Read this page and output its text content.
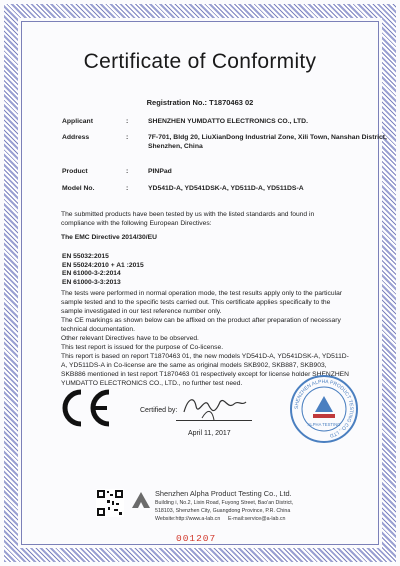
Certificate of Conformity
Registration No.: T1870463 02
Applicant	:	SHENZHEN YUMDATTO ELECTRONICS CO., LTD.
Address	:	7F-701, Bldg 20, LiuXianDong Industrial Zone, Xili Town, Nanshan District, Shenzhen, China
Product	:	PINPad
Model No.	:	YD541D-A, YD541DSK-A, YD511D-A, YD511DS-A
The submitted products have been tested by us with the listed standards and found in compliance with the following European Directives:
The EMC Directive 2014/30/EU
EN 55032:2015
EN 55024:2010 + A1 :2015
EN 61000-3-2:2014
EN 61000-3-3:2013
The tests were performed in normal operation mode, the test results apply only to the particular sample tested and to the specific tests carried out. This certificate applies specifically to the sample investigated in our test reference number only.
The CE markings as shown below can be affixed on the product after preparation of necessary technical documentation.
Other relevant Directives have to be observed.
This test report is issued for the purpose of Co-license.
This report is based on report T1870463 01, the new models YD541D-A, YD541DSK-A, YD511D-A, YD511DS-A in Co-license are the same as original models SKB902, SKB887, SKB903, SKB886 mentioned in test report T1870463 01 respectively except for license holder SHENZHEN YUMDATTO ELECTRONICS CO., LTD., no further test need.
Certified by:
April 11, 2017
SHENZHEN ALPHA PRODUCT TESTING CO., LTD
ALPHA TESTING
Shenzhen Alpha Product Testing Co., Ltd.
Building i, No.2, Lixin Road, Fuyong Street, Bao'an District,
518103, Shenzhen City, Guangdong Province, P.R. China
Website:http://www.a-lab.cn E-mail:service@a-lab.cn
001207
